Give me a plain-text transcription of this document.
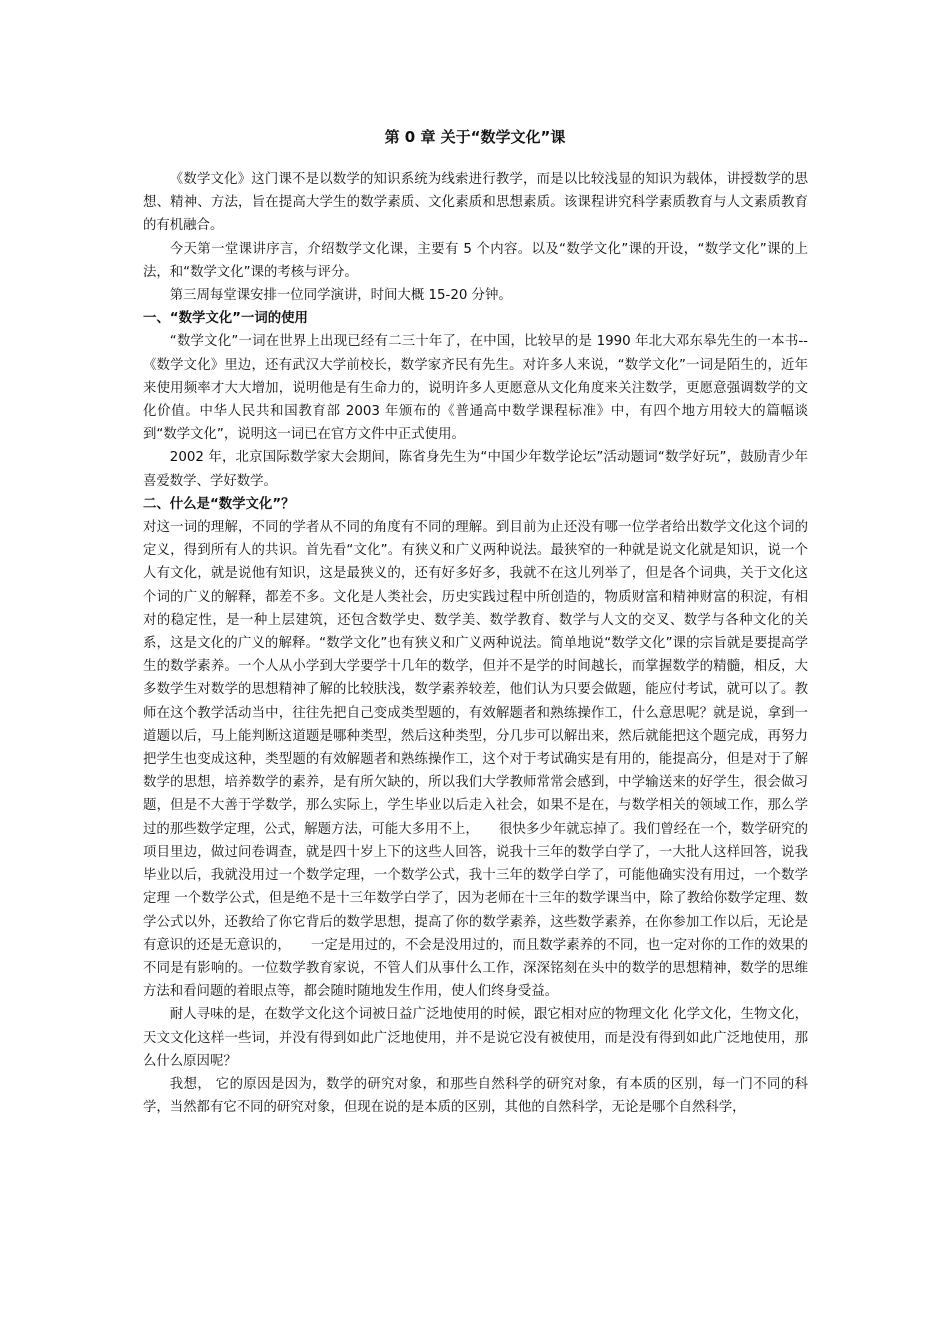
第 0 章 关于“数学文化”课

《数学文化》这门课不是以数学的知识系统为线索进行教学，而是以比较浅显的知识为载体，讲授数学的思想、精神、方法，旨在提高大学生的数学素质、文化素质和思想素质。该课程讲究科学素质教育与人文素质教育的有机融合。

今天第一堂课讲序言，介绍数学文化课，主要有 5 个内容。以及“数学文化”课的开设，“数学文化”课的上法，和“数学文化”课的考核与评分。

第三周每堂课安排一位同学演讲，时间大概 15-20 分钟。

一、“数学文化”一词的使用

“数学文化”一词在世界上出现已经有二三十年了，在中国，比较早的是 1990 年北大邓东皋先生的一本书--《数学文化》里边，还有武汉大学前校长，数学家齐民有先生。对许多人来说，“数学文化”一词是陌生的，近年来使用频率才大大增加，说明他是有生命力的，说明许多人更愿意从文化角度来关注数学，更愿意强调数学的文化价值。中华人民共和国教育部 2003 年颁布的《普通高中数学课程标准》中，有四个地方用较大的篇幅谈到“数学文化”，说明这一词已在官方文件中正式使用。

2002 年，北京国际数学家大会期间，陈省身先生为“中国少年数学论坛”活动题词“数学好玩”，鼓励青少年喜爱数学、学好数学。

二、什么是“数学文化”？

对这一词的理解，不同的学者从不同的角度有不同的理解。到目前为止还没有哪一位学者给出数学文化这个词的定义，得到所有人的共识。首先看“文化”。有狭义和广义两种说法。最狭窄的一种就是说文化就是知识，说一个人有文化，就是说他有知识，这是最狭义的，还有好多好多，我就不在这儿列举了，但是各个词典，关于文化这个词的广义的解释，都差不多。文化是人类社会，历史实践过程中所创造的，物质财富和精神财富的积淀，有相对的稳定性，是一种上层建筑，还包含数学史、数学美、数学教育、数学与人文的交叉、数学与各种文化的关系，这是文化的广义的解释。“数学文化”也有狭义和广义两种说法。简单地说“数学文化”课的宗旨就是要提高学生的数学素养。一个人从小学到大学要学十几年的数学，但并不是学的时间越长，而掌握数学的精髓，相反，大多数学生对数学的思想精神了解的比较肤浅，数学素养较差，他们认为只要会做题，能应付考试，就可以了。教师在这个教学活动当中，往往先把自己变成类型题的，有效解题者和熟练操作工，什么意思呢？就是说，拿到一道题以后，马上能判断这道题是哪种类型，然后这种类型，分几步可以解出来，然后就能把这个题完成，再努力把学生也变成这种，类型题的有效解题者和熟练操作工，这个对于考试确实是有用的，能提高分，但是对于了解数学的思想，培养数学的素养，是有所欠缺的，所以我们大学教师常常会感到，中学输送来的好学生，很会做习题，但是不大善于学数学，那么实际上，学生毕业以后走入社会，如果不是在，与数学相关的领域工作，那么学过的那些数学定理，公式，解题方法，可能大多用不上，　　很快多少年就忘掉了。我们曾经在一个，数学研究的项目里边，做过问卷调查，就是四十岁上下的这些人回答，说我十三年的数学白学了，一大批人这样回答，说我毕业以后，我就没用过一个数学定理，一个数学公式，我十三年的数学白学了，可能他确实没有用过，一个数学定理 一个数学公式，但是绝不是十三年数学白学了，因为老师在十三年的数学课当中，除了教给你数学定理、数学公式以外，还教给了你它背后的数学思想，提高了你的数学素养，这些数学素养，在你参加工作以后，无论是有意识的还是无意识的，　　一定是用过的，不会是没用过的，而且数学素养的不同，也一定对你的工作的效果的不同是有影响的。一位数学教育家说，不管人们从事什么工作，深深铭刻在头中的数学的思想精神，数学的思维方法和看问题的着眼点等，都会随时随地发生作用，使人们终身受益。

耐人寻味的是，在数学文化这个词被日益广泛地使用的时候，跟它相对应的物理文化 化学文化，生物文化， 天文文化这样一些词，并没有得到如此广泛地使用，并不是说它没有被使用，而是没有得到如此广泛地使用，那么什么原因呢？

我想， 它的原因是因为，数学的研究对象，和那些自然科学的研究对象，有本质的区别，每一门不同的科学，当然都有它不同的研究对象，但现在说的是本质的区别，其他的自然科学，无论是哪个自然科学，
